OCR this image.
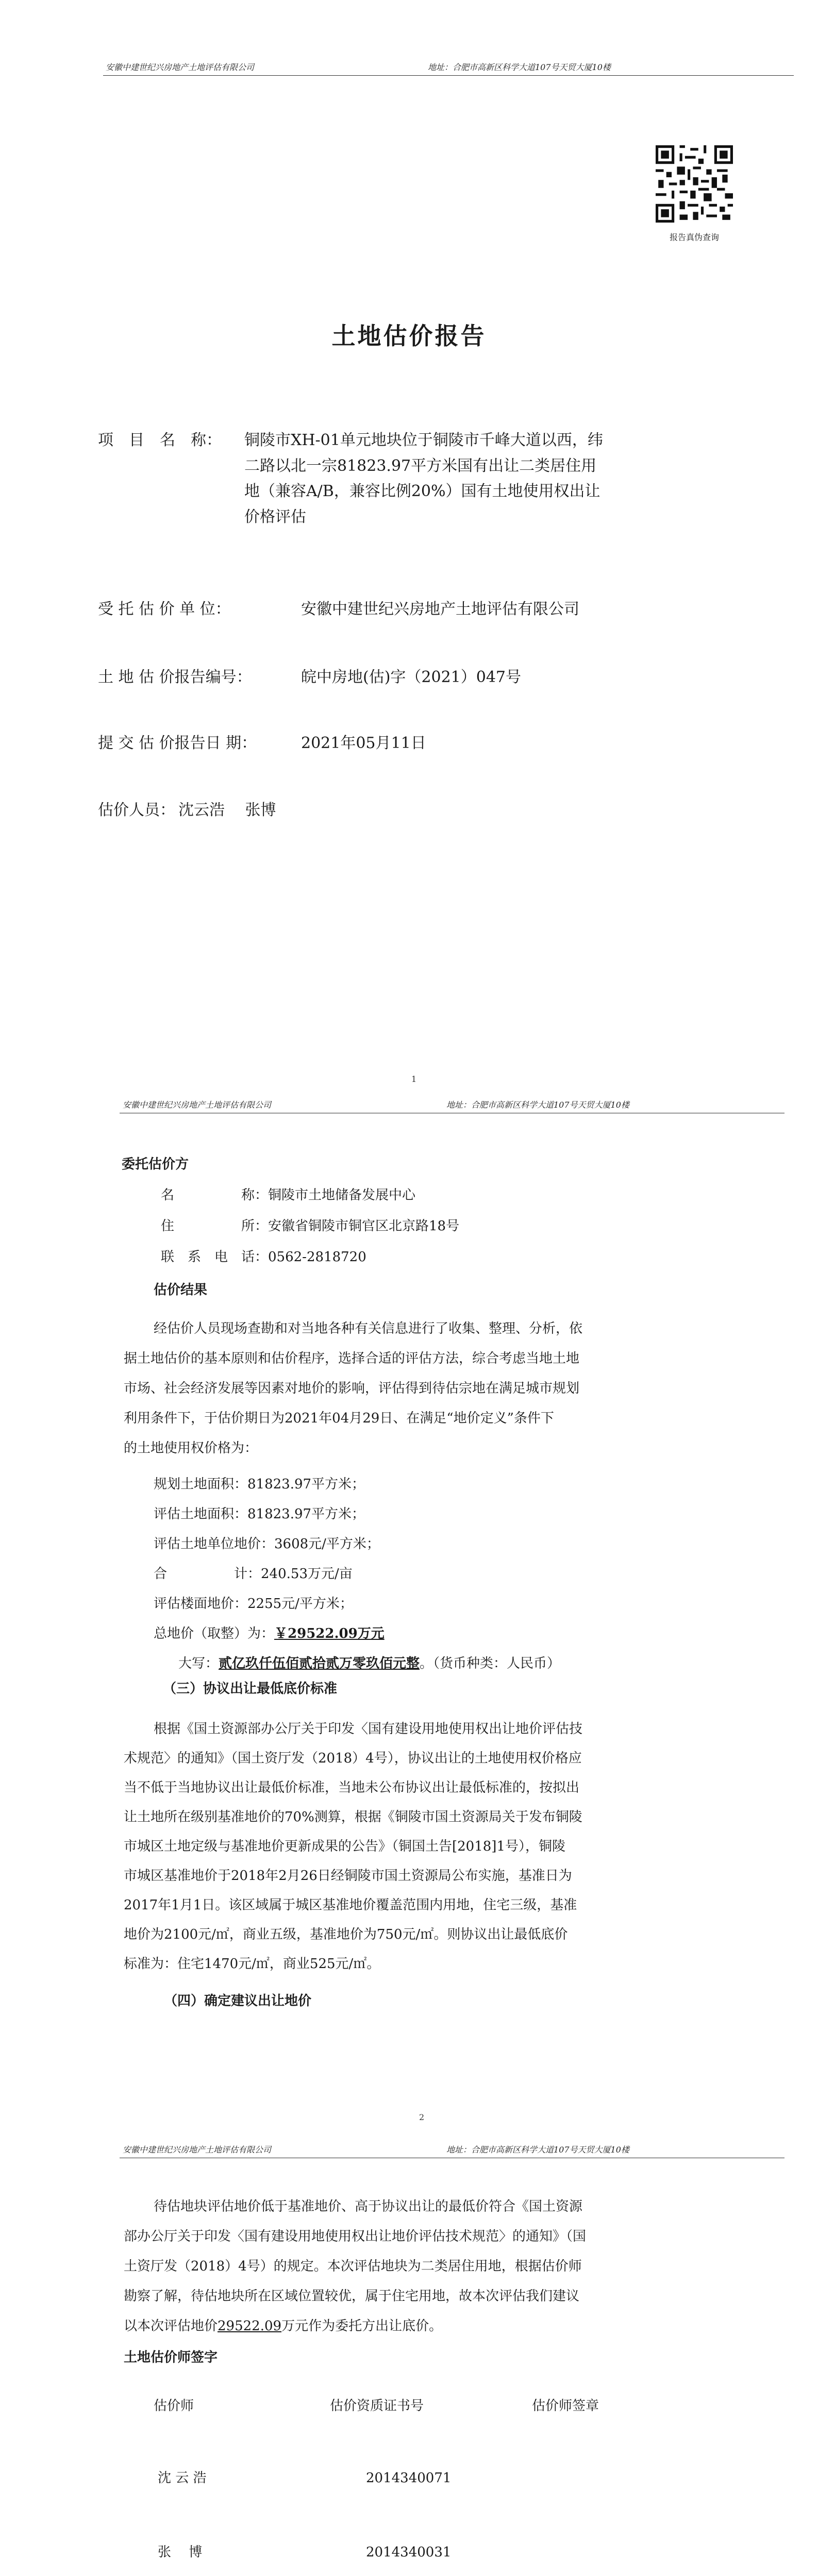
安徽中建世纪兴房地产土地评估有限公司	地址：合肥市高新区科学大道107号天贸大厦10楼
报告真伪查询
土地估价报告
项　目　名　称： 铜陵市XH-01单元地块位于铜陵市千峰大道以西，纬
二路以北一宗81823.97平方米国有出让二类居住用
地（兼容A/B，兼容比例20%）国有土地使用权出让
价格评估
受 托 估 价 单 位：	安徽中建世纪兴房地产土地评估有限公司
土 地 估 价报告编号：	皖中房地(估)字（2021）047号
提 交 估 价报告日 期：	2021年05月11日
估价人员： 沈云浩　 张博
1
安徽中建世纪兴房地产土地评估有限公司	地址：合肥市高新区科学大道107号天贸大厦10楼
委托估价方
名　　　　　称： 铜陵市土地储备发展中心
住　　　　　所： 安徽省铜陵市铜官区北京路18号
联　系　电　话： 0562-2818720
估价结果
经估价人员现场查勘和对当地各种有关信息进行了收集、整理、分析，依
据土地估价的基本原则和估价程序，选择合适的评估方法，综合考虑当地土地
市场、社会经济发展等因素对地价的影响，评估得到待估宗地在满足城市规划
利用条件下，于估价期日为2021年04月29日、在满足“地价定义”条件下
的土地使用权价格为：
规划土地面积：81823.97平方米；
评估土地面积：81823.97平方米；
评估土地单位地价：3608元/平方米；
合　　　　　计：240.53万元/亩
评估楼面地价：2255元/平方米；
总地价（取整）为：￥29522.09万元
大写：贰亿玖仟伍佰贰拾贰万零玖佰元整。（货币种类：人民币）
（三）协议出让最低底价标准
根据《国土资源部办公厅关于印发〈国有建设用地使用权出让地价评估技
术规范〉的通知》（国土资厅发（2018）4号），协议出让的土地使用权价格应
当不低于当地协议出让最低价标准，当地未公布协议出让最低标准的，按拟出
让土地所在级别基准地价的70%测算，根据《铜陵市国土资源局关于发布铜陵
市城区土地定级与基准地价更新成果的公告》（铜国土告[2018]1号），铜陵
市城区基准地价于2018年2月26日经铜陵市国土资源局公布实施，基准日为
2017年1月1日。该区域属于城区基准地价覆盖范围内用地，住宅三级，基准
地价为2100元/㎡，商业五级，基准地价为750元/㎡。则协议出让最低底价
标准为：住宅1470元/㎡，商业525元/㎡。
（四）确定建议出让地价
2
安徽中建世纪兴房地产土地评估有限公司	地址：合肥市高新区科学大道107号天贸大厦10楼
待估地块评估地价低于基准地价、高于协议出让的最低价符合《国土资源
部办公厅关于印发〈国有建设用地使用权出让地价评估技术规范〉的通知》（国
土资厅发（2018）4号）的规定。本次评估地块为二类居住用地，根据估价师
勘察了解，待估地块所在区域位置较优，属于住宅用地，故本次评估我们建议
以本次评估地价29522.09万元作为委托方出让底价。
土地估价师签字
估价师	估价资质证书号	估价师签章
沈 云 浩	2014340071
张　 博	2014340031
